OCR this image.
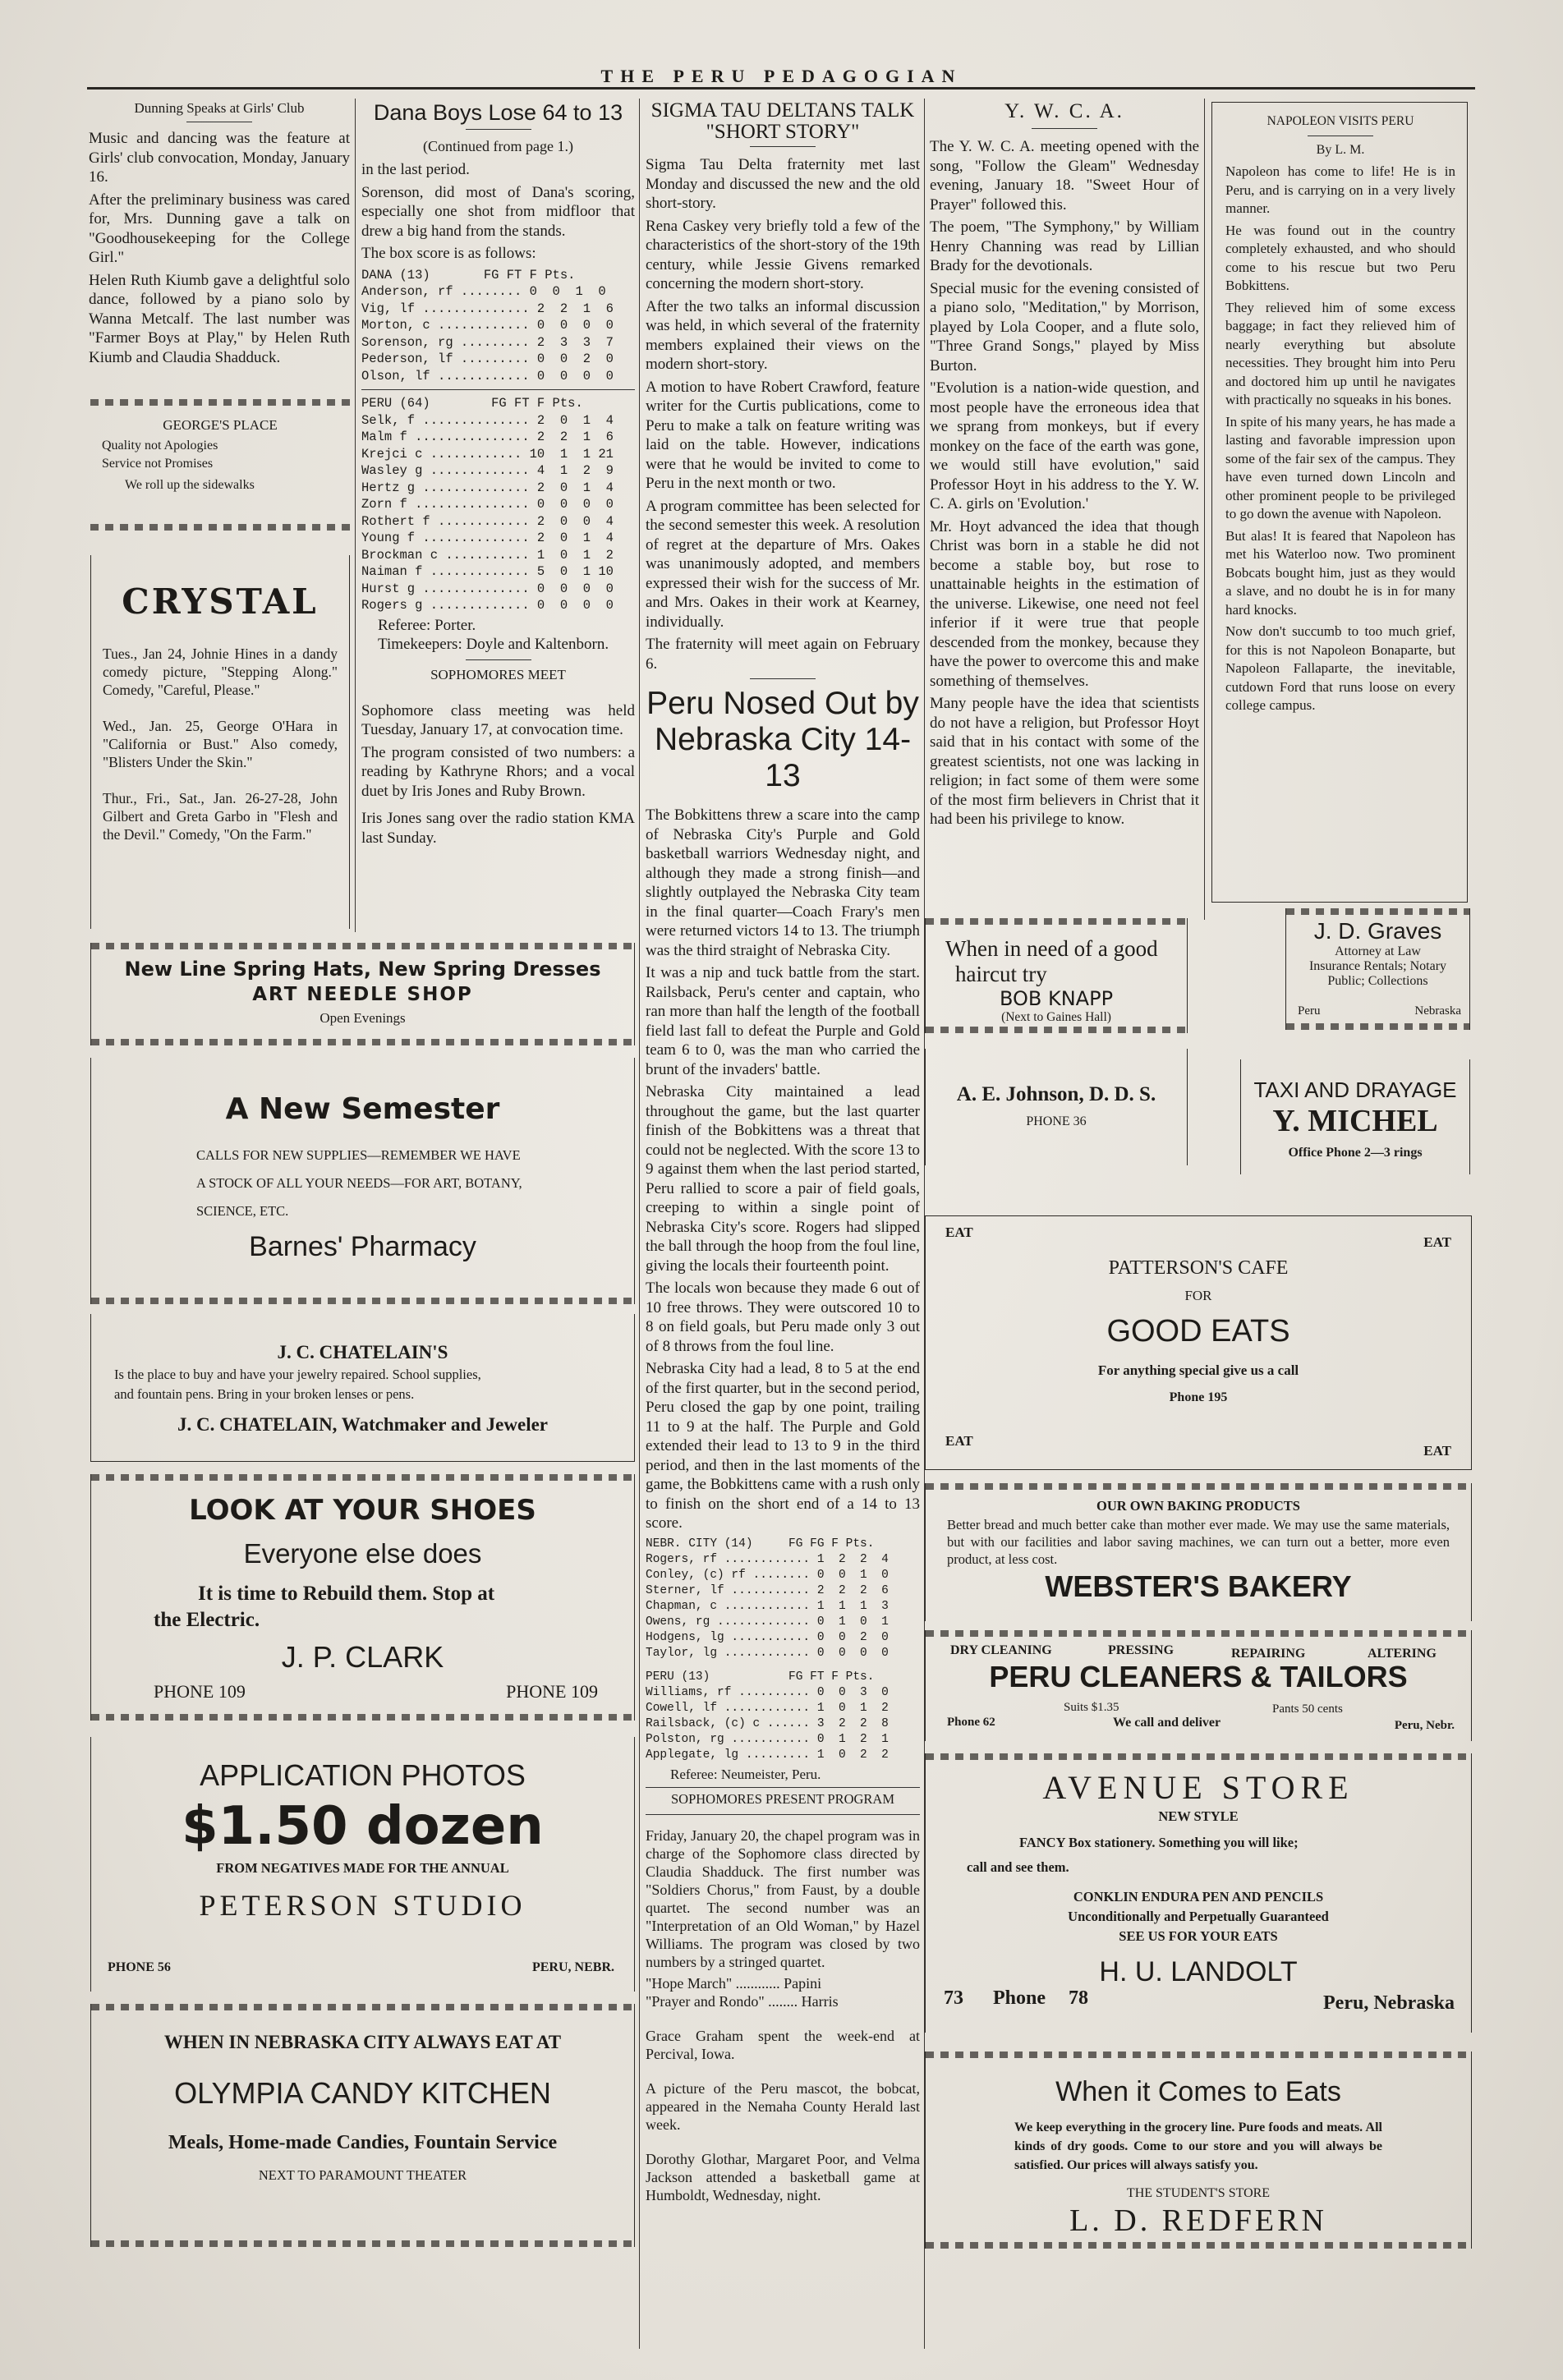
THE PERU PEDAGOGIAN
Dunning Speaks at Girls' Club

Music and dancing was the feature at Girls' club convocation, Monday, January 16.

After the preliminary business was cared for, Mrs. Dunning gave a talk on "Goodhousekeeping for the College Girl."

Helen Ruth Kiumb gave a delightful solo dance, followed by a piano solo by Wanna Metcalf. The last number was "Farmer Boys at Play," by Helen Ruth Kiumb and Claudia Shadduck.

GEORGE'S PLACE
Quality not Apologies
Service not Promises
We roll up the sidewalks
CRYSTAL

Tues., Jan 24, Johnie Hines in a dandy comedy picture, "Stepping Along." Comedy, "Careful, Please."

Wed., Jan. 25, George O'Hara in "California or Bust." Also comedy, "Blisters Under the Skin."

Thur., Fri., Sat., Jan. 26-27-28, John Gilbert and Greta Garbo in "Flesh and the Devil." Comedy, "On the Farm."

Dana Boys Lose 64 to 13
(Continued from page 1.)

in the last period.

Sorenson, did most of Dana's scoring, especially one shot from midfloor that drew a big hand from the stands.

The box score is as follows:

DANA (13)       FG FT F Pts.
Anderson, rf ........ 0  0  1  0
Vig, lf .............. 2  2  1  6
Morton, c ............ 0  0  0  0
Sorenson, rg ......... 2  3  3  7
Pederson, lf ......... 0  0  2  0
Olson, lf ............ 0  0  0  0
PERU (64)        FG FT F Pts.
Selk, f .............. 2  0  1  4
Malm f ............... 2  2  1  6
Krejci c ............ 10  1  1 21
Wasley g ............. 4  1  2  9
Hertz g .............. 2  0  1  4
Zorn f ............... 0  0  0  0
Rothert f ............ 2  0  0  4
Young f .............. 2  0  1  4
Brockman c ........... 1  0  1  2
Naiman f ............. 5  0  1 10
Hurst g .............. 0  0  0  0
Rogers g ............. 0  0  0  0

Referee: Porter.

Timekeepers: Doyle and Kaltenborn.

SOPHOMORES MEET

Sophomore class meeting was held Tuesday, January 17, at convocation time.

The program consisted of two numbers: a reading by Kathryne Rhors; and a vocal duet by Iris Jones and Ruby Brown.

Iris Jones sang over the radio station KMA last Sunday.

New Line Spring Hats, New Spring Dresses
ART NEEDLE SHOP
Open Evenings
A New Semester
CALLS FOR NEW SUPPLIES—REMEMBER WE HAVE
A STOCK OF ALL YOUR NEEDS—FOR ART, BOTANY,
SCIENCE, ETC.
Barnes' Pharmacy
J. C. CHATELAIN'S
Is the place to buy and have your jewelry repaired. School supplies,
and fountain pens. Bring in your broken lenses or pens.
J. C. CHATELAIN, Watchmaker and Jeweler
LOOK AT YOUR SHOES
Everyone else does
It is time to Rebuild them. Stop at
the Electric.
J. P. CLARK
PHONE 109	PHONE 109
APPLICATION PHOTOS
$1.50 dozen
FROM NEGATIVES MADE FOR THE ANNUAL
PETERSON STUDIO
PHONE 56	PERU, NEBR.
WHEN IN NEBRASKA CITY ALWAYS EAT AT
OLYMPIA CANDY KITCHEN
Meals, Home-made Candies, Fountain Service
NEXT TO PARAMOUNT THEATER
SIGMA TAU DELTANS TALK "SHORT STORY"

Sigma Tau Delta fraternity met last Monday and discussed the new and the old short-story.

Rena Caskey very briefly told a few of the characteristics of the short-story of the 19th century, while Jessie Givens remarked concerning the modern short-story.

After the two talks an informal discussion was held, in which several of the fraternity members explained their views on the modern short-story.

A motion to have Robert Crawford, feature writer for the Curtis publications, come to Peru to make a talk on feature writing was laid on the table. However, indications were that he would be invited to come to Peru in the next month or two.

A program committee has been selected for the second semester this week. A resolution of regret at the departure of Mrs. Oakes was unanimously adopted, and members expressed their wish for the success of Mr. and Mrs. Oakes in their work at Kearney, individually.

The fraternity will meet again on February 6.

Peru Nosed Out by
Nebraska City 14-13

The Bobkittens threw a scare into the camp of Nebraska City's Purple and Gold basketball warriors Wednesday night, and although they made a strong finish—and slightly outplayed the Nebraska City team in the final quarter—Coach Frary's men were returned victors 14 to 13. The triumph was the third straight of Nebraska City.

It was a nip and tuck battle from the start. Railsback, Peru's center and captain, who ran more than half the length of the football field last fall to defeat the Purple and Gold team 6 to 0, was the man who carried the brunt of the invaders' battle.

Nebraska City maintained a lead throughout the game, but the last quarter finish of the Bobkittens was a threat that could not be neglected. With the score 13 to 9 against them when the last period started, Peru rallied to score a pair of field goals, creeping to within a single point of Nebraska City's score. Rogers had slipped the ball through the hoop from the foul line, giving the locals their fourteenth point.

The locals won because they made 6 out of 10 free throws. They were outscored 10 to 8 on field goals, but Peru made only 3 out of 8 throws from the foul line.

Nebraska City had a lead, 8 to 5 at the end of the first quarter, but in the second period, Peru closed the gap by one point, trailing 11 to 9 at the half. The Purple and Gold extended their lead to 13 to 9 in the third period, and then in the last moments of the game, the Bobkittens came with a rush only to finish on the short end of a 14 to 13 score.

NEBR. CITY (14)     FG FG F Pts.
Rogers, rf ............ 1  2  2  4
Conley, (c) rf ........ 0  0  1  0
Sterner, lf ........... 2  2  2  6
Chapman, c ............ 1  1  1  3
Owens, rg ............. 0  1  0  1
Hodgens, lg ........... 0  0  2  0
Taylor, lg ............ 0  0  0  0
PERU (13)           FG FT F Pts.
Williams, rf .......... 0  0  3  0
Cowell, lf ............ 1  0  1  2
Railsback, (c) c ...... 3  2  2  8
Polston, rg ........... 0  1  2  1
Applegate, lg ......... 1  0  2  2

Referee: Neumeister, Peru.

SOPHOMORES PRESENT PROGRAM

Friday, January 20, the chapel program was in charge of the Sophomore class directed by Claudia Shadduck. The first number was "Soldiers Chorus," from Faust, by a double quartet. The second number was an "Interpretation of an Old Woman," by Hazel Williams. The program was closed by two numbers by a stringed quartet.

"Hope March" ............ Papini

"Prayer and Rondo" ........ Harris

Grace Graham spent the week-end at Percival, Iowa.

A picture of the Peru mascot, the bobcat, appeared in the Nemaha County Herald last week.

Dorothy Glothar, Margaret Poor, and Velma Jackson attended a basketball game at Humboldt, Wednesday, night.

Y. W. C. A.

The Y. W. C. A. meeting opened with the song, "Follow the Gleam" Wednesday evening, January 18. "Sweet Hour of Prayer" followed this.

The poem, "The Symphony," by William Henry Channing was read by Lillian Brady for the devotionals.

Special music for the evening consisted of a piano solo, "Meditation," by Morrison, played by Lola Cooper, and a flute solo, "Three Grand Songs," played by Miss Burton.

"Evolution is a nation-wide question, and most people have the erroneous idea that we sprang from monkeys, but if every monkey on the face of the earth was gone, we would still have evolution," said Professor Hoyt in his address to the Y. W. C. A. girls on 'Evolution.'

Mr. Hoyt advanced the idea that though Christ was born in a stable he did not become a stable boy, but rose to unattainable heights in the estimation of the universe. Likewise, one need not feel inferior if it were true that people descended from the monkey, because they have the power to overcome this and make something of themselves.

Many people have the idea that scientists do not have a religion, but Professor Hoyt said that in his contact with some of the greatest scientists, not one was lacking in religion; in fact some of them were some of the most firm believers in Christ that it had been his privilege to know.

NAPOLEON VISITS PERU
By L. M.

Napoleon has come to life! He is in Peru, and is carrying on in a very lively manner.

He was found out in the country completely exhausted, and who should come to his rescue but two Peru Bobkittens.

They relieved him of some excess baggage; in fact they relieved him of nearly everything but absolute necessities. They brought him into Peru and doctored him up until he navigates with practically no squeaks in his bones.

In spite of his many years, he has made a lasting and favorable impression upon some of the fair sex of the campus. They have even turned down Lincoln and other prominent people to be privileged to go down the avenue with Napoleon.

But alas! It is feared that Napoleon has met his Waterloo now. Two prominent Bobcats bought him, just as they would a slave, and no doubt he is in for many hard knocks.

Now don't succumb to too much grief, for this is not Napoleon Bonaparte, but Napoleon Fallaparte, the inevitable, cutdown Ford that runs loose on every college campus.

When in need of a good
haircut try
BOB KNAPP
(Next to Gaines Hall)
J. D. Graves
Attorney at Law
Insurance Rentals; Notary Public; Collections
Peru	Nebraska
A. E. Johnson, D. D. S.
PHONE 36
TAXI AND DRAYAGE
Y. MICHEL
Office Phone 2—3 rings
EAT
EAT
PATTERSON'S CAFE
FOR
GOOD EATS
For anything special give us a call
Phone 195
EAT
EAT
OUR OWN BAKING PRODUCTS
Better bread and much better cake than mother ever made. We may use the same materials, but with our facilities and labor saving machines, we can turn out a better, more even product, at less cost.
WEBSTER'S BAKERY
DRY CLEANING	PRESSING	REPAIRING	ALTERING
PERU CLEANERS & TAILORS
Suits $1.35	Pants 50 cents
Phone 62	We call and deliver	Peru, Nebr.
AVENUE STORE
NEW STYLE
FANCY Box stationery. Something you will like;
call and see them.
CONKLIN ENDURA PEN AND PENCILS
Unconditionally and Perpetually Guaranteed
SEE US FOR YOUR EATS
H. U. LANDOLT
73 Phone 78	Peru, Nebraska
When it Comes to Eats
We keep everything in the grocery line. Pure foods and meats. All kinds of dry goods. Come to our store and you will always be satisfied. Our prices will always satisfy you.
THE STUDENT'S STORE
L. D. REDFERN
